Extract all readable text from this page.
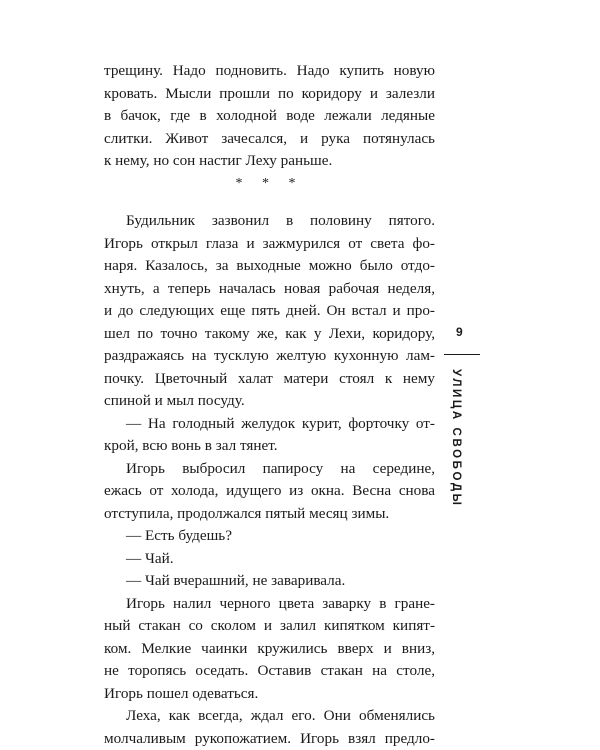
трещину. Надо подновить. Надо купить новую
кровать. Мысли прошли по коридору и залезли
в бачок, где в холодной воде лежали ледяные
слитки. Живот зачесался, и рука потянулась
к нему, но сон настиг Леху раньше.
* * *
Будильник зазвонил в половину пятого.
Игорь открыл глаза и зажмурился от света фо-
наря. Казалось, за выходные можно было отдо-
хнуть, а теперь началась новая рабочая неделя,
и до следующих еще пять дней. Он встал и про-
шел по точно такому же, как у Лехи, коридору,
раздражаясь на тусклую желтую кухонную лам-
почку. Цветочный халат матери стоял к нему
спиной и мыл посуду.
— На голодный желудок курит, форточку от-
крой, всю вонь в зал тянет.
Игорь выбросил папиросу на середине,
ежась от холода, идущего из окна. Весна снова
отступила, продолжался пятый месяц зимы.
— Есть будешь?
— Чай.
— Чай вчерашний, не заваривала.
Игорь налил черного цвета заварку в гране-
ный стакан со сколом и залил кипятком кипят-
ком. Мелкие чаинки кружились вверх и вниз,
не торопясь оседать. Оставив стакан на столе,
Игорь пошел одеваться.
Леха, как всегда, ждал его. Они обменялись
молчаливым рукопожатием. Игорь взял предло-
9
УЛИЦА СВОБОДЫ
